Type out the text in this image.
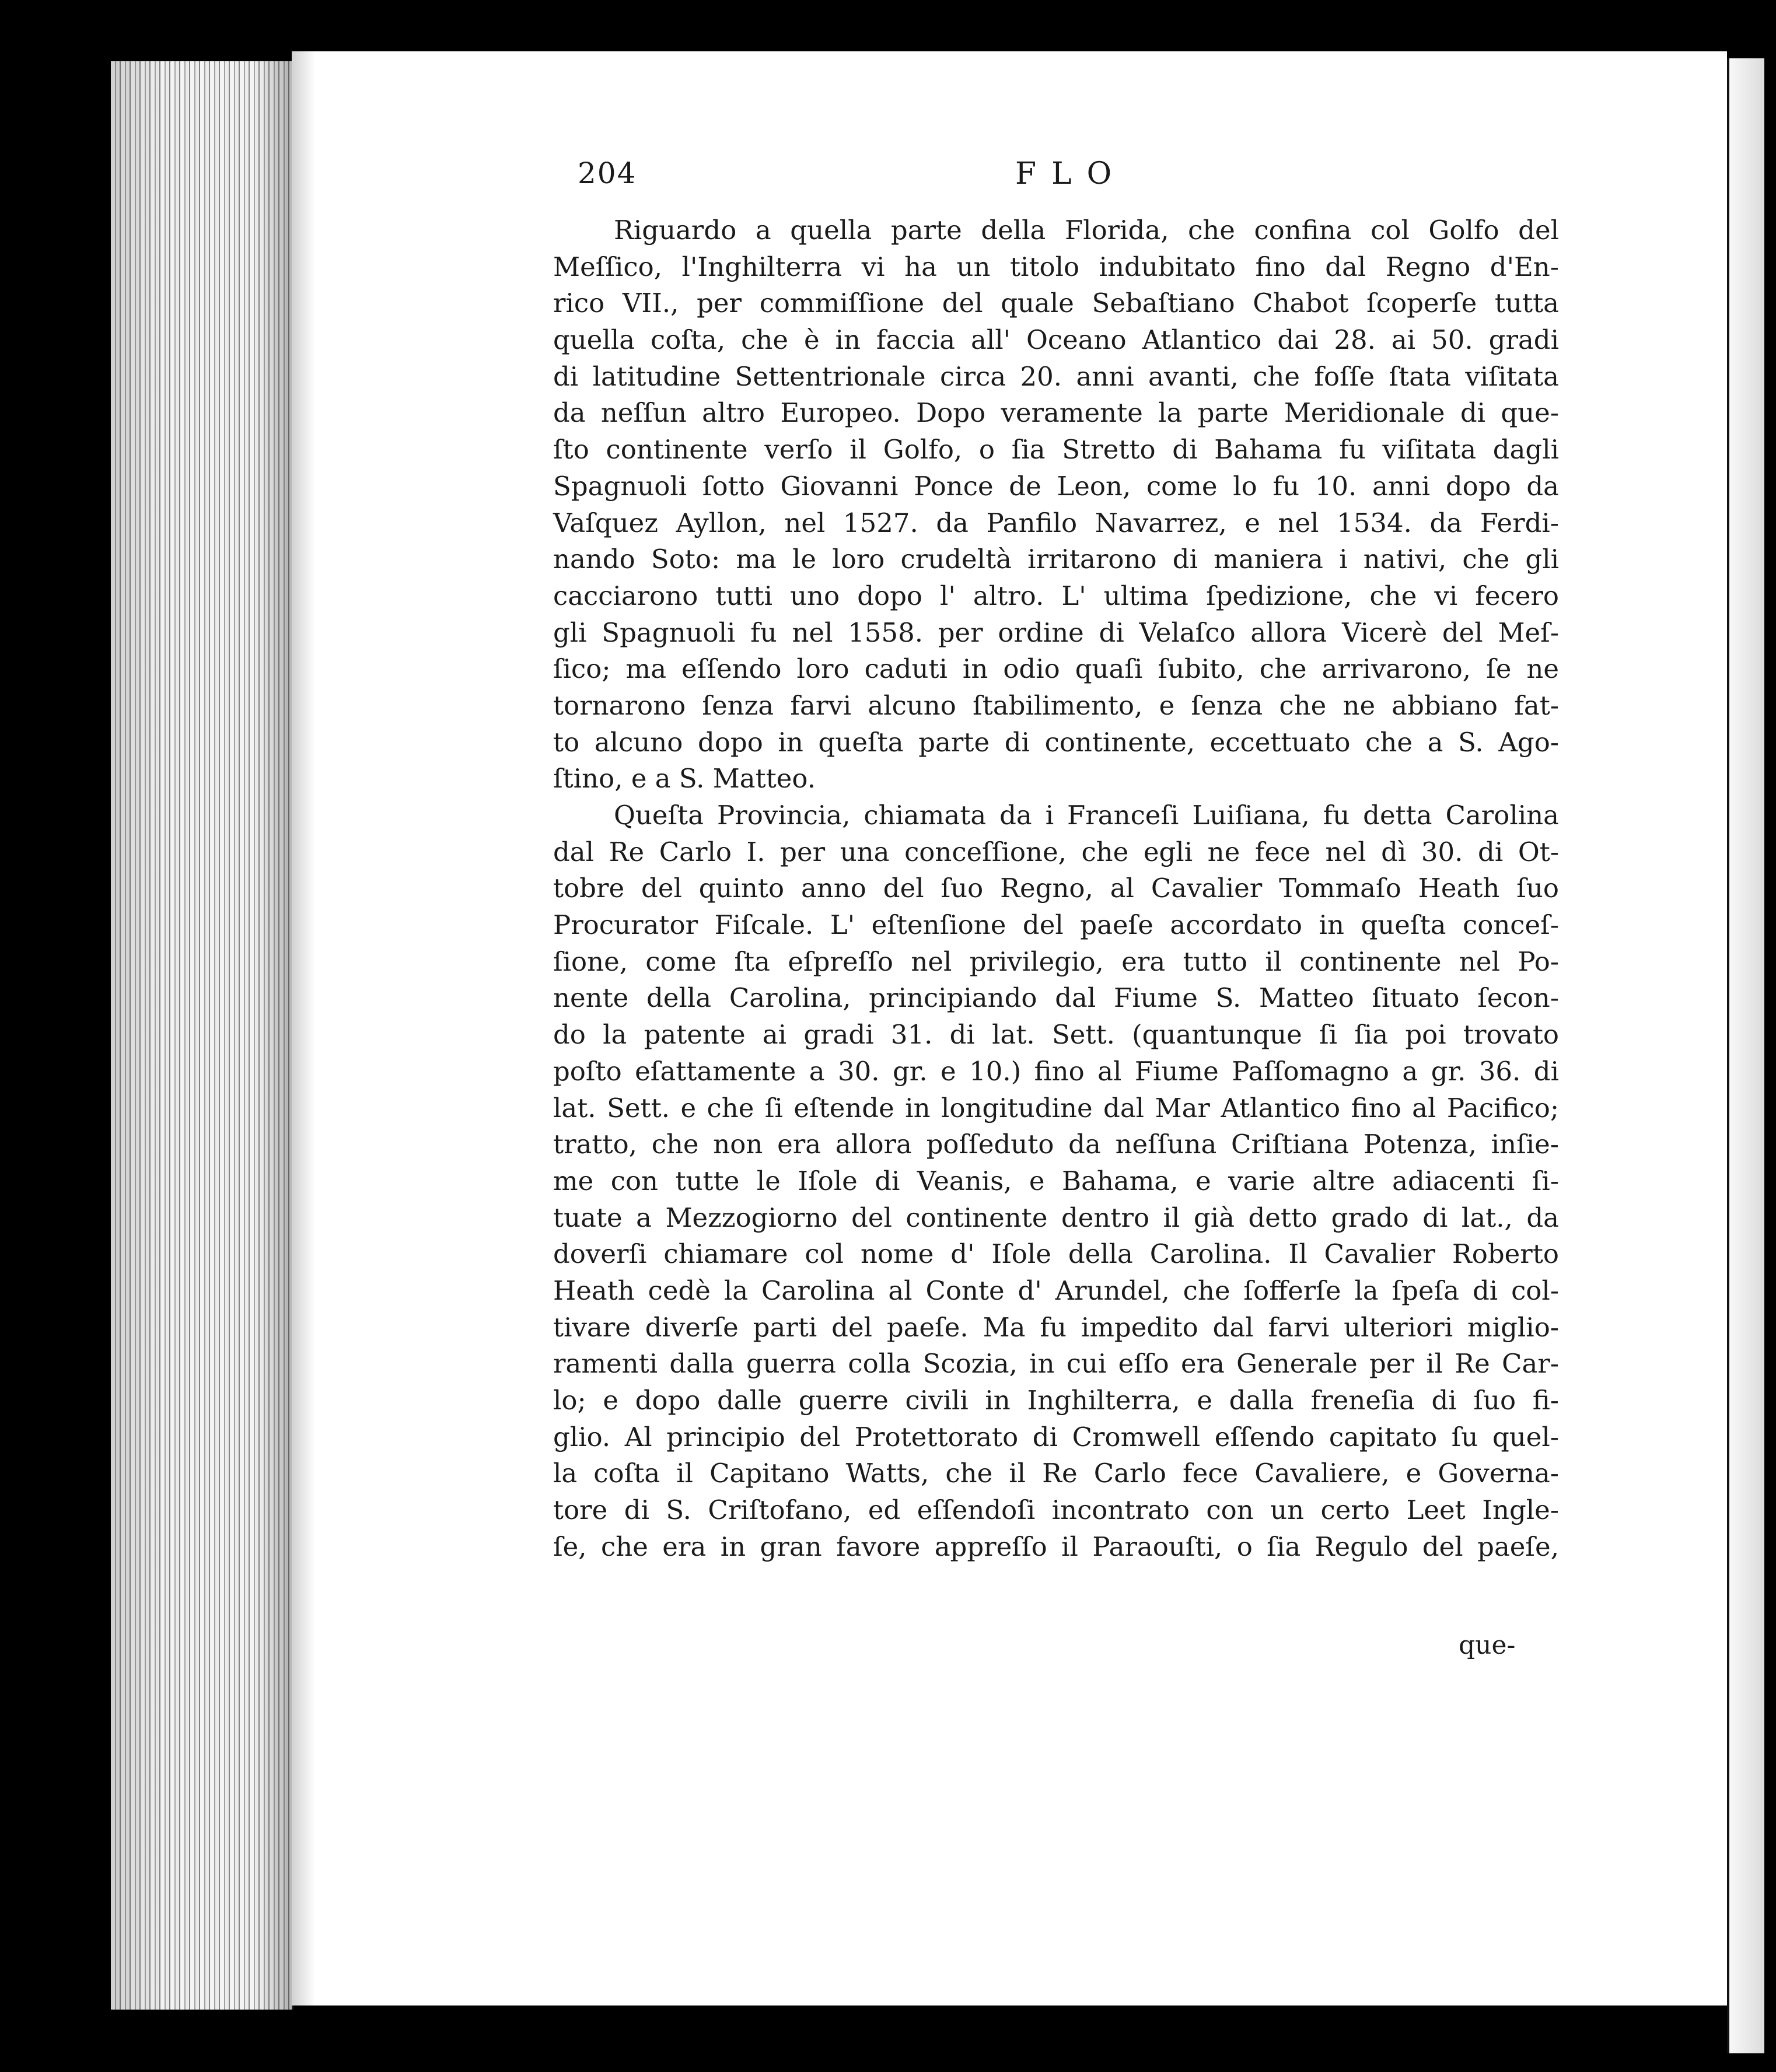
204	FLO
Riguardo a quella parte della Florida, che confina col Golfo del
Meſſico, l'Inghilterra vi ha un titolo indubitato fino dal Regno d'En-
rico VII., per commiſſione del quale Sebaſtiano Chabot ſcoperſe tutta
quella coſta, che è in faccia all' Oceano Atlantico dai 28. ai 50. gradi
di latitudine Settentrionale circa 20. anni avanti, che foſſe ſtata viſitata
da neſſun altro Europeo. Dopo veramente la parte Meridionale di que-
ſto continente verſo il Golfo, o ſia Stretto di Bahama fu viſitata dagli
Spagnuoli ſotto Giovanni Ponce de Leon, come lo fu 10. anni dopo da
Vaſquez Ayllon, nel 1527. da Panfilo Navarrez, e nel 1534. da Ferdi-
nando Soto: ma le loro crudeltà irritarono di maniera i nativi, che gli
cacciarono tutti uno dopo l' altro. L' ultima ſpedizione, che vi fecero
gli Spagnuoli fu nel 1558. per ordine di Velaſco allora Vicerè del Meſ-
ſico; ma eſſendo loro caduti in odio quaſi ſubito, che arrivarono, ſe ne
tornarono ſenza farvi alcuno ſtabilimento, e ſenza che ne abbiano fat-
to alcuno dopo in queſta parte di continente, eccettuato che a S. Ago-
ſtino, e a S. Matteo.
Queſta Provincia, chiamata da i Franceſi Luiſiana, fu detta Carolina
dal Re Carlo I. per una conceſſione, che egli ne fece nel dì 30. di Ot-
tobre del quinto anno del ſuo Regno, al Cavalier Tommaſo Heath ſuo
Procurator Fiſcale. L' eſtenſione del paeſe accordato in queſta conceſ-
ſione, come ſta eſpreſſo nel privilegio, era tutto il continente nel Po-
nente della Carolina, principiando dal Fiume S. Matteo ſituato ſecon-
do la patente ai gradi 31. di lat. Sett. (quantunque ſi ſia poi trovato
poſto eſattamente a 30. gr. e 10.) fino al Fiume Paſſomagno a gr. 36. di
lat. Sett. e che ſi eſtende in longitudine dal Mar Atlantico fino al Pacifico;
tratto, che non era allora poſſeduto da neſſuna Criſtiana Potenza, inſie-
me con tutte le Iſole di Veanis, e Bahama, e varie altre adiacenti ſi-
tuate a Mezzogiorno del continente dentro il già detto grado di lat., da
doverſi chiamare col nome d' Iſole della Carolina. Il Cavalier Roberto
Heath cedè la Carolina al Conte d' Arundel, che ſofferſe la ſpeſa di col-
tivare diverſe parti del paeſe. Ma fu impedito dal farvi ulteriori miglio-
ramenti dalla guerra colla Scozia, in cui eſſo era Generale per il Re Car-
lo; e dopo dalle guerre civili in Inghilterra, e dalla freneſia di ſuo fi-
glio. Al principio del Protettorato di Cromwell eſſendo capitato ſu quel-
la coſta il Capitano Watts, che il Re Carlo fece Cavaliere, e Governa-
tore di S. Criſtofano, ed eſſendoſi incontrato con un certo Leet Ingle-
ſe, che era in gran favore appreſſo il Paraouſti, o ſia Regulo del paeſe,
que-
